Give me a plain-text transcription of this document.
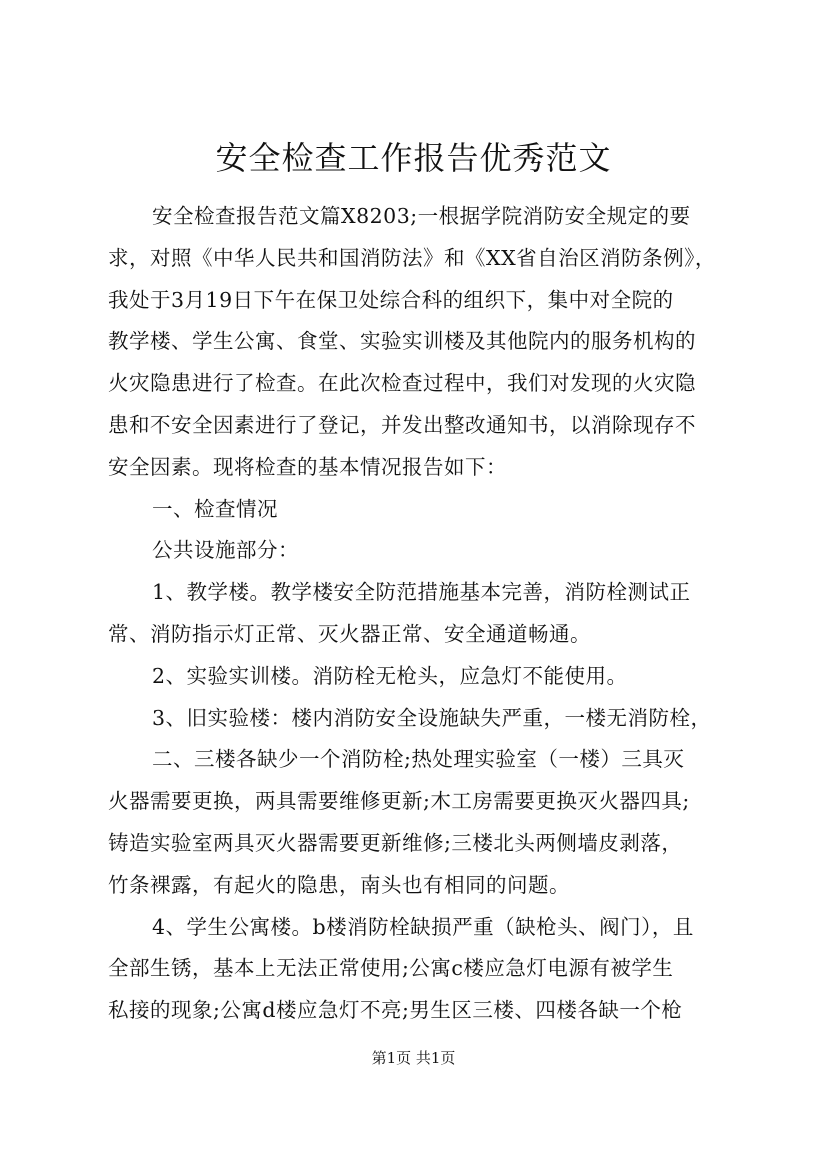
安全检查工作报告优秀范文
安全检查报告范文篇X8203;一根据学院消防安全规定的要
求，对照《中华人民共和国消防法》和《XX省自治区消防条例》，
我处于3月19日下午在保卫处综合科的组织下，集中对全院的
教学楼、学生公寓、食堂、实验实训楼及其他院内的服务机构的
火灾隐患进行了检查。在此次检查过程中，我们对发现的火灾隐
患和不安全因素进行了登记，并发出整改通知书，以消除现存不
安全因素。现将检查的基本情况报告如下：
一、检查情况
公共设施部分：
1、教学楼。教学楼安全防范措施基本完善，消防栓测试正
常、消防指示灯正常、灭火器正常、安全通道畅通。
2、实验实训楼。消防栓无枪头，应急灯不能使用。
3、旧实验楼：楼内消防安全设施缺失严重，一楼无消防栓，
二、三楼各缺少一个消防栓;热处理实验室（一楼）三具灭
火器需要更换，两具需要维修更新;木工房需要更换灭火器四具;
铸造实验室两具灭火器需要更新维修;三楼北头两侧墙皮剥落，
竹条裸露，有起火的隐患，南头也有相同的问题。
4、学生公寓楼。b楼消防栓缺损严重（缺枪头、阀门），且
全部生锈，基本上无法正常使用;公寓c楼应急灯电源有被学生
私接的现象;公寓d楼应急灯不亮;男生区三楼、四楼各缺一个枪
第1页 共1页
